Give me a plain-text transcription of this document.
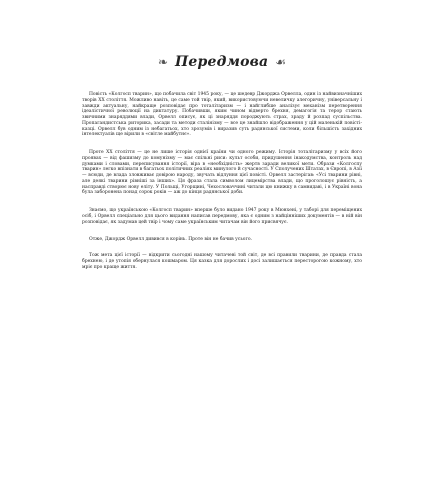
❧ Передмова ☙

Повість «Колгосп тварин», що побачила світ 1945 року, — це шедевр Джорджа Орвелла, один із найвизначніших творів ХХ століття. Можливо навіть, це саме той твір, який, використовуючи невеличку алегоричну, універсальну і завжди актуальну, найкраще розповідає про тоталітаризм — і найглибше аналізує механізм перетворення ідеалістичної революції на диктатуру. Побачивши, яким чином відверто брехня, демагогія та терор стають звичними знаряддями влади, Орвелл описує, як ці знаряддя породжують страх, зраду й розпад суспільства. Пропагандистська риторика, засади та методи сталінізму — все це знайшло відображення у цій маленькій повісті-казці. Орвелл був одним із небагатьох, хто зрозумів і виразив суть радянської системи, коли більшість західних інтелектуалів ще вірили в «світле майбутнє».

Проте ХХ століття — це не лише історія однієї країни чи одного режиму. Історія тоталітаризму у всіх його проявах — від фашизму до комунізму — має спільні риси: культ особи, придушення інакодумства, контроль над думками і словами, переписування історії, віра в «необхідність» жертв заради великої мети. Образи «Колгоспу тварин» легко впізнати в багатьох політичних реаліях минулого й сучасності. У Сполучених Штатах, в Європі, в Азії — всюди, де влада зловживає довірою народу, звучать відлуння цієї повісті. Орвелл застерігав: «Усі тварини рівні, але деякі тварини рівніші за інших». Ця фраза стала символом лицемірства влади, що проголошує рівність, а насправді створює нову еліту. У Польщі, Угорщині, Чехословаччині читали цю книжку в самвидаві, і в Україні вона була заборонена понад сорок років — аж до кінця радянської доби.

Знаємо, що українською «Колгосп тварин» вперше було видано 1947 року в Мюнхені, у таборі для переміщених осіб, і Орвелл спеціально для цього видання написав передмову, яка є одним з найцінніших документів — в ній він розповідає, як задумав цей твір і чому саме українським читачам він його присвячує.

Отже, Джордж Орвелл дивився в корінь. Проте він не бачив усього.

Тож мета цієї історії — відкрити сьогодні нашому читачеві той світ, де всі правили тварини, де правда стала брехнею, і де утопія обернулася кошмаром. Ця казка для дорослих і досі залишається пересторогою кожному, хто мріє про краще життя.
